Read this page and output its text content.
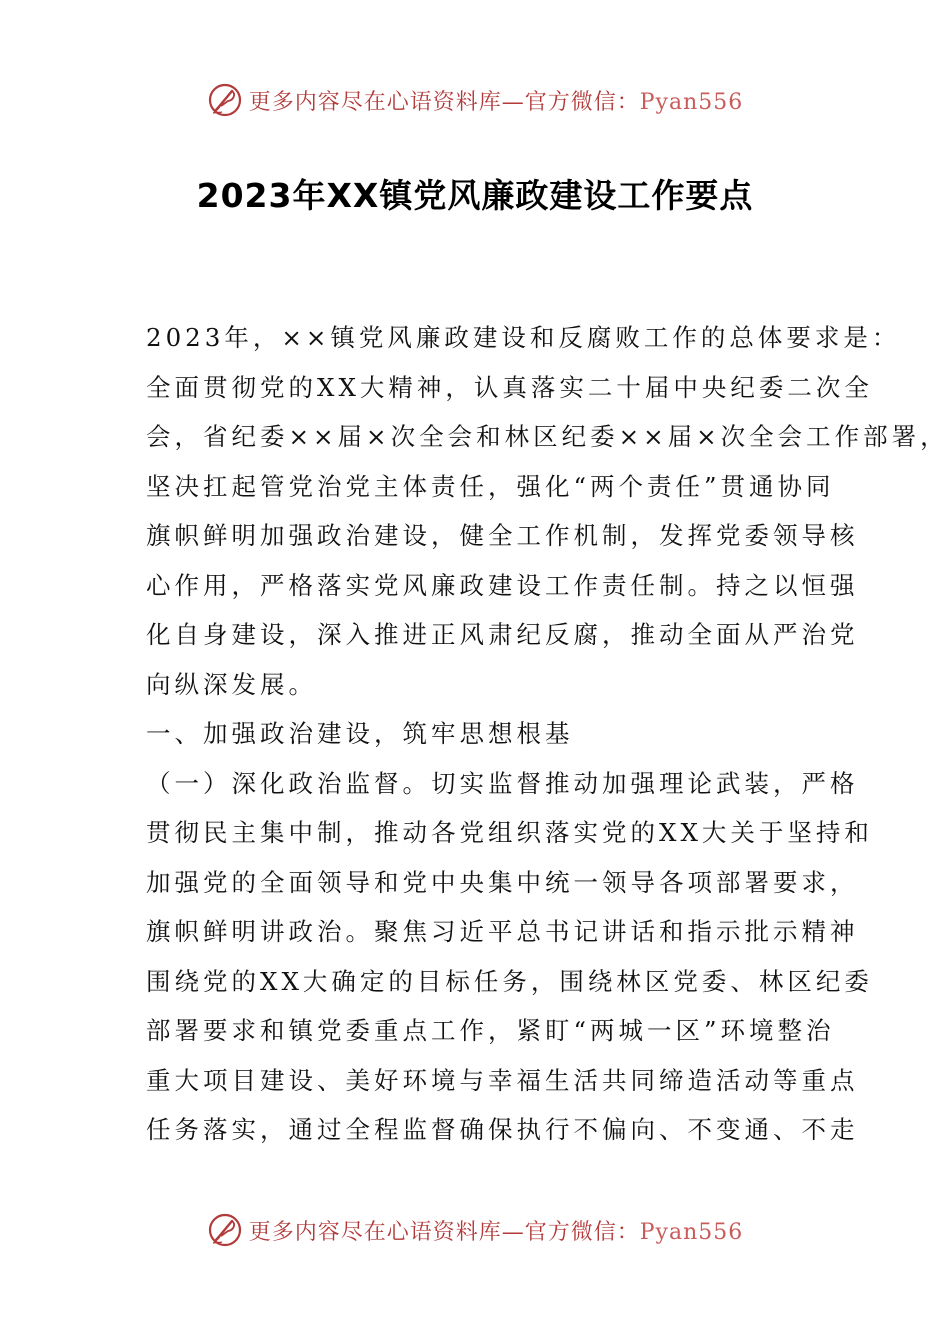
更多内容尽在心语资料库—官方微信：Pyan556
2023年XX镇党风廉政建设工作要点
2023年，××镇党风廉政建设和反腐败工作的总体要求是：
全面贯彻党的XX大精神，认真落实二十届中央纪委二次全
会，省纪委××届×次全会和林区纪委××届×次全会工作部署，
坚决扛起管党治党主体责任，强化“两个责任”贯通协同
旗帜鲜明加强政治建设，健全工作机制，发挥党委领导核
心作用，严格落实党风廉政建设工作责任制。持之以恒强
化自身建设，深入推进正风肃纪反腐，推动全面从严治党
向纵深发展。
一、加强政治建设，筑牢思想根基
（一）深化政治监督。切实监督推动加强理论武装，严格
贯彻民主集中制，推动各党组织落实党的XX大关于坚持和
加强党的全面领导和党中央集中统一领导各项部署要求，
旗帜鲜明讲政治。聚焦习近平总书记讲话和指示批示精神
围绕党的XX大确定的目标任务，围绕林区党委、林区纪委
部署要求和镇党委重点工作，紧盯“两城一区”环境整治
重大项目建设、美好环境与幸福生活共同缔造活动等重点
任务落实，通过全程监督确保执行不偏向、不变通、不走
更多内容尽在心语资料库—官方微信：Pyan556
